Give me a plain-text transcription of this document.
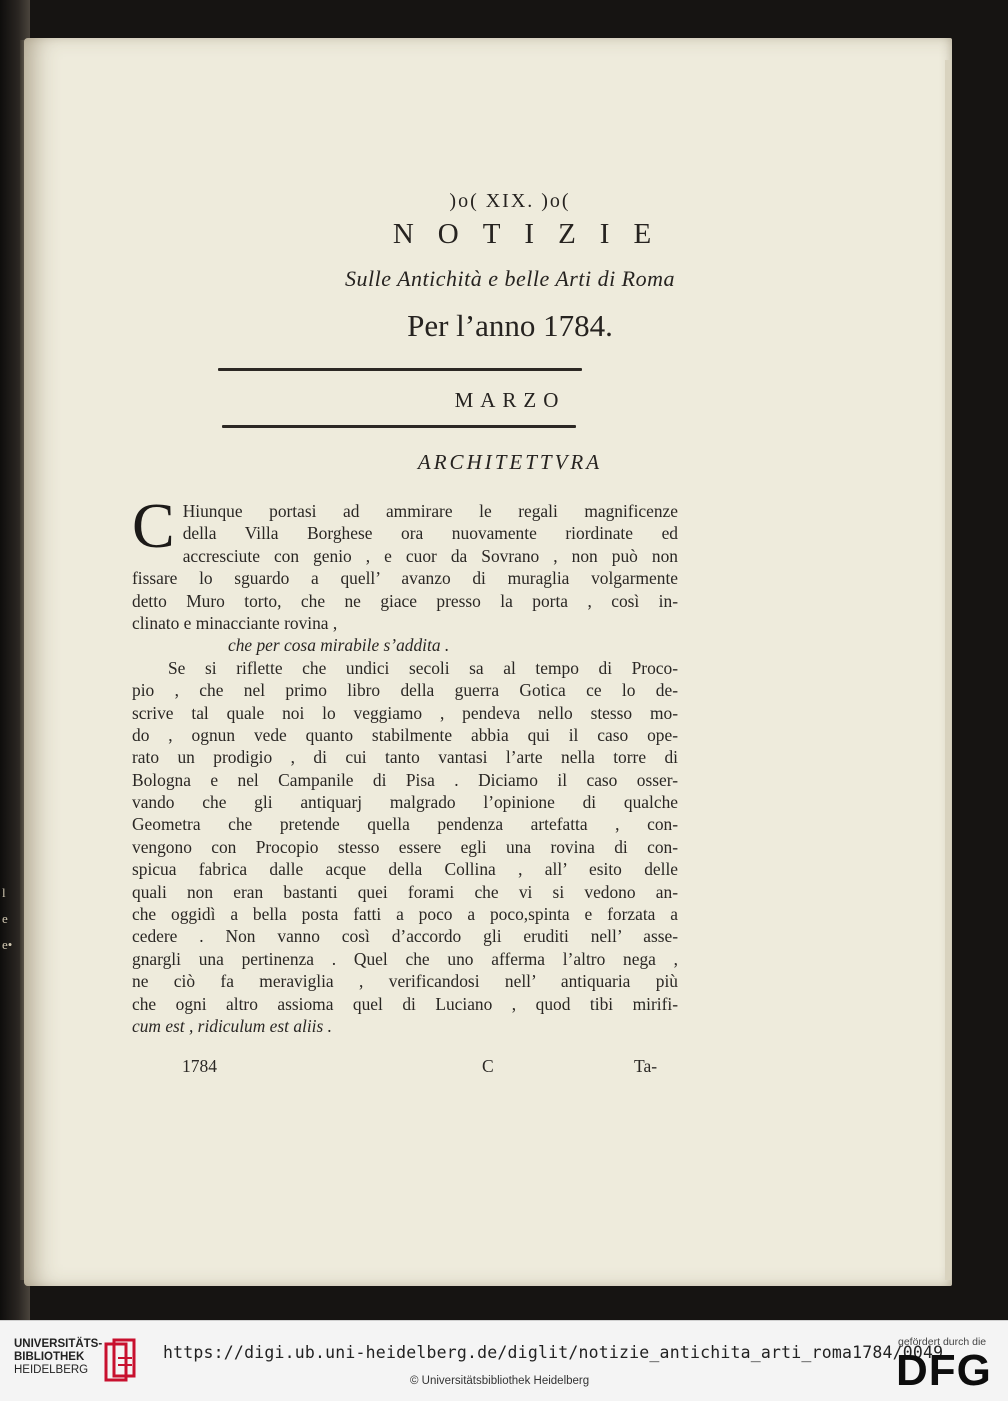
l
e
e•
)o( XIX. )o(
NOTIZIE
Sulle Antichità e belle Arti di Roma
Per l’anno 1784.
MARZO
ARCHITETTVRA
C Hiunque portasi ad ammirare le regali magnificenze
della Villa Borghese ora nuovamente riordinate ed
accresciute con genio , e cuor da Sovrano , non può non
fissare lo sguardo a quell’ avanzo di muraglia volgarmente
detto Muro torto, che ne giace presso la porta , così in-
clinato e minacciante rovina ,
che per cosa mirabile s’addita .
Se si riflette che undici secoli sa al tempo di Proco-
pio , che nel primo libro della guerra Gotica ce lo de-
scrive tal quale noi lo veggiamo , pendeva nello stesso mo-
do , ognun vede quanto stabilmente abbia qui il caso ope-
rato un prodigio , di cui tanto vantasi l’arte nella torre di
Bologna e nel Campanile di Pisa . Diciamo il caso osser-
vando che gli antiquarj malgrado l’opinione di qualche
Geometra che pretende quella pendenza artefatta , con-
vengono con Procopio stesso essere egli una rovina di con-
spicua fabrica dalle acque della Collina , all’ esito delle
quali non eran bastanti quei forami che vi si vedono an-
che oggidì a bella posta fatti a poco a poco,spinta e forzata a
cedere . Non vanno così d’accordo gli eruditi nell’ asse-
gnargli una pertinenza . Quel che uno afferma l’altro nega ,
ne ciò fa meraviglia , verificandosi nell’ antiquaria più
che ogni altro assioma quel di Luciano , quod tibi mirifi-
cum est , ridiculum est aliis .
1784	C	Ta-
UNIVERSITÄTS-
BIBLIOTHEK
HEIDELBERG
https://digi.ub.uni-heidelberg.de/diglit/notizie_antichita_arti_roma1784/0049
© Universitätsbibliothek Heidelberg
gefördert durch die
DFG
